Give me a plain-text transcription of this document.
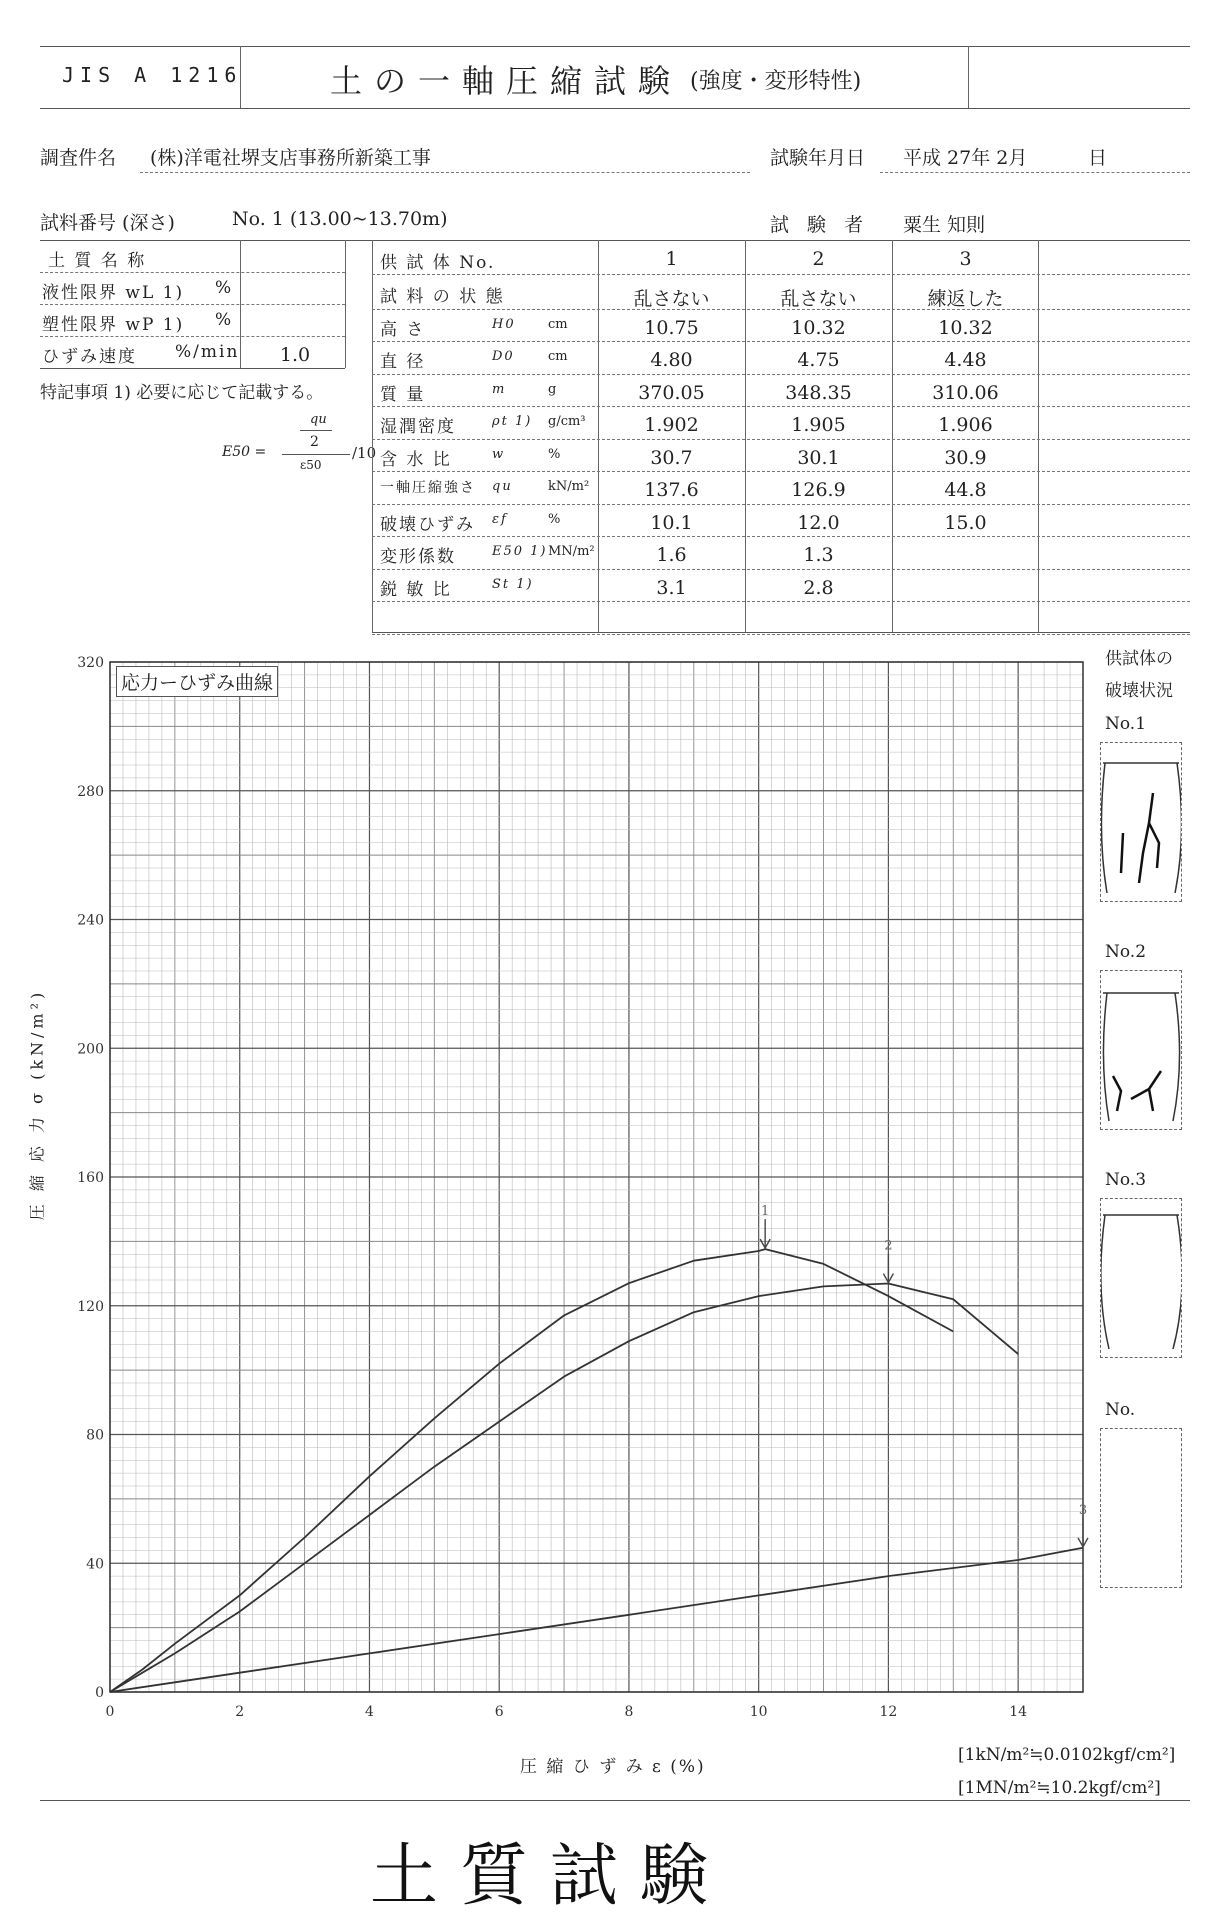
JIS A 1216	土の一軸圧縮試験 (強度・変形特性)
調査件名 (株)洋電社堺支店事務所新築工事	試験年月日 平成 27年 2月	日
試料番号 (深さ)	No. 1 (13.00~13.70m)	試 験 者 粟生 知則
土 質 名 称
液性限界 wL 1) %
塑性限界 wP 1) %
ひずみ速度 %/min	1.0
特記事項 1) 必要に応じて記載する。
E50 =
qu
2
ε50
/10
供 試 体 No.	1	2	3
試 料 の 状 態	乱さない	乱さない	練返した
高 さ	H0 cm	10.75	10.32	10.32
直 径	D0	cm	4.80	4.75	4.48
質 量	m	g	370.05	348.35	310.06
湿潤密度	ρt 1) g/cm³	1.902	1.905	1.906
含 水 比	w	%	30.7	30.1	30.9
一軸圧縮強さ qu	kN/m²	137.6	126.9	44.8
破壊ひずみ εf	%	10.1	12.0	15.0
変形係数	E50 1) MN/m²	1.6	1.3
鋭 敏 比	St 1)	3.1	2.8
0	2	4	6	8	10	12	14
0
40
80
120
160
200
240
280
320
1
2
3
応力ーひずみ曲線
圧 縮 ひ ず み ε (%)
圧 縮 応 力 σ (kN/m²)
供試体の
破壊状況
No.1
No.2
No.3
No.
[1kN/m²≒0.0102kgf/cm²]
[1MN/m²≒10.2kgf/cm²]
土質試験
